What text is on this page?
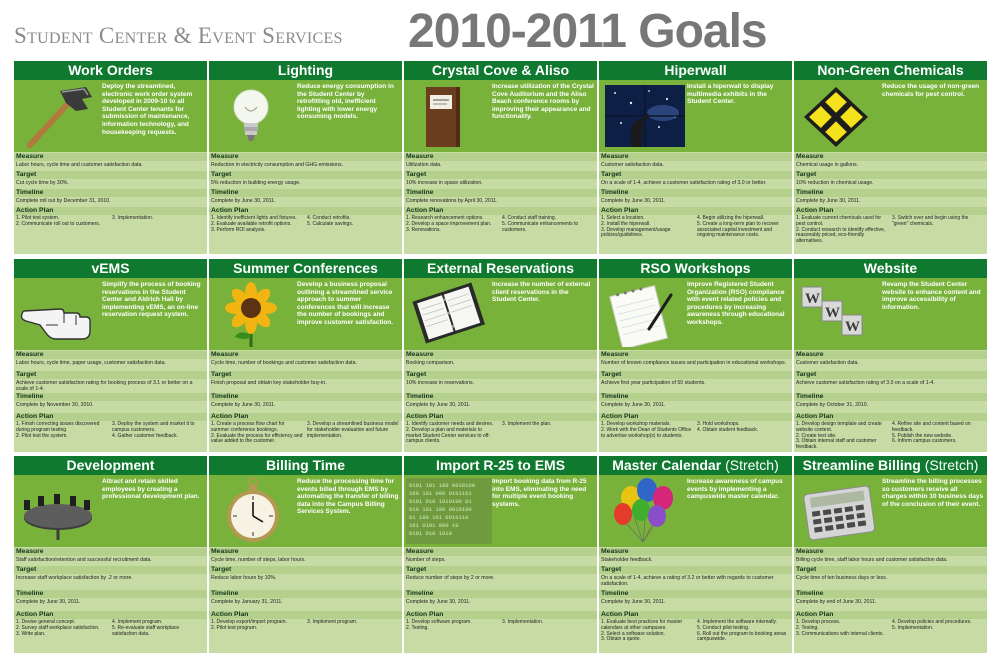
Student Center & Event Services 2010-2011 Goals
Work Orders
Deploy the streamlined, electronic work order system developed in 2009-10 to all Student Center tenants for submission of maintenance, information technology, and housekeeping requests.
Measure
Labor hours, cycle time and customer satisfaction data.
Target
Cut cycle time by 30%.
Timeline
Complete roll out by December 31, 2010.
Action Plan
1. Pilot test system.
2. Communicate roll out to customers.
3. Implementation.
Lighting
Reduce energy consumption in the Student Center by retrofitting old, inefficient lighting with lower energy consuming models.
Measure
Reduction in electricity consumption and GHG emissions.
Target
5% reduction in building energy usage.
Timeline
Complete by June 30, 2011.
Action Plan
1. Identify inefficient lights and fixtures.
2. Evaluate available retrofit options.
3. Perform ROI analysis.
4. Conduct retrofits.
5. Calculate savings.
Crystal Cove & Aliso
Increase utilization of the Crystal Cove Auditorium and the Aliso Beach conference rooms by improving their appearance and functionality.
Measure
Utilization data.
Target
10% increase in space utilization.
Timeline
Complete renovations by April 30, 2011.
Action Plan
1. Research enhancement options.
2. Develop a space improvement plan.
3. Renovations.
4. Conduct staff training.
5. Communicate enhancements to customers.
Hiperwall
Install a hiperwall to display multimedia exhibits in the Student Center.
Measure
Customer satisfaction data.
Target
On a scale of 1-4, achieve a customer satisfaction rating of 3.0 or better.
Timeline
Complete by June 30, 2011.
Action Plan
1. Select a location.
2. Install the hiperwall.
3. Develop management/usage policies/guidelines.
4. Begin utilizing the hiperwall.
5. Create a long-term plan to recover associated capital investment and ongoing maintenance costs.
Non-Green Chemicals
Reduce the usage of non-green chemicals for pest control.
Measure
Chemical usage in gallons.
Target
10% reduction in chemical usage.
Timeline
Complete by June 30, 2011.
Action Plan
1. Evaluate current chemicals used for pest control.
2. Conduct research to identify effective, reasonably priced, eco-friendly alternatives.
3. Switch over and begin using the "green" chemicals.
vEMS
Simplify the process of booking reservations in the Student Center and Aldrich Hall by implementing vEMS, an on-line reservation request system.
Measure
Labor hours, cycle time, paper usage, customer satisfaction data.
Target
Achieve customer satisfaction rating for booking process of 3.1 or better on a scale of 1-4.
Timeline
Complete by November 30, 2010.
Action Plan
1. Finish correcting issues discovered during program testing.
2. Pilot test the system.
3. Deploy the system and market it to campus customers.
4. Gather customer feedback.
Summer Conferences
Develop a business proposal outlining a streamlined service approach to summer conferences that will increase the number of bookings and improve customer satisfaction.
Measure
Cycle time, number of bookings and customer satisfaction data.
Target
Finish proposal and obtain key stakeholder buy-in.
Timeline
Complete by June 30, 2011.
Action Plan
1. Create a process flow chart for summer conference bookings.
2. Evaluate the process for efficiency and value added to the customer.
3. Develop a streamlined business model for stakeholder evaluation and future implementation.
External Reservations
Increase the number of external client reservations in the Student Center.
Measure
Booking comparison.
Target
10% increase in reservations.
Timeline
Complete by June 30, 2011.
Action Plan
1. Identify customer needs and desires.
2. Develop a plan and materials to market Student Center services to off-campus clients.
3. Implement the plan.
RSO Workshops
Improve Registered Student Organization (RSO) compliance with event related policies and procedures by increasing awareness through educational workshops.
Measure
Number of known compliance issues and participation in educational workshops.
Target
Achieve first year participation of 50 students.
Timeline
Complete by June 30, 2011.
Action Plan
1. Develop workshop materials.
2. Work with the Dean of Students Office to advertise workshop(s) to students.
3. Hold workshops.
4. Obtain student feedback.
Website
W
W
W
Revamp the Student Center website to enhance content and improve accessibility of information.
Measure
Customer satisfaction data.
Target
Achieve customer satisfaction rating of 3.0 on a scale of 1-4.
Timeline
Complete by October 31, 2010.
Action Plan
1. Develop design template and create website content.
2. Create test site.
3. Obtain internal staff and customer feedback.
4. Refine site and content based on feedback.
5. Publish the new website.
6. Inform campus customers.
Development
Attract and retain skilled employees by creating a professional development plan.
Measure
Staff satisfaction/retention and successful recruitment data.
Target
Increase staff workplace satisfaction by .2 or more.
Timeline
Complete by June 30, 2011.
Action Plan
1. Devise general concept.
2. Survey staff workplace satisfaction.
3. Write plan.
4. Implement program.
5. Re-evaluate staff workplace satisfaction data.
Billing Time
Reduce the processing time for events billed through EMS by automating the transfer of billing data into the Campus Billing Services System.
Measure
Cycle time, number of steps, labor hours.
Target
Reduce labor hours by 10%.
Timeline
Complete by January 31, 2011.
Action Plan
1. Develop export/import program.
2. Pilot test program.
3. Implement program.
Import R-25 to EMS
0101 101 100 0010100
100 101 000 0101101
0101 010 1010100 01
010 101 100 0010100
01 100 101 0010110
101 0101 000 10
0101 010 1010
Import booking data from R-25 into EMS, eliminating the need for multiple event booking systems.
Measure
Number of steps.
Target
Reduce number of steps by 2 or more.
Timeline
Complete by June 30, 2011.
Action Plan
1. Develop software program.
2. Testing.
3. Implementation.
Master Calendar (Stretch)
Increase awareness of campus events by implementing a campuswide master calendar.
Measure
Stakeholder feedback.
Target
On a scale of 1-4, achieve a rating of 3.2 or better with regards to customer satisfaction.
Timeline
Complete by June 30, 2011.
Action Plan
1. Evaluate best practices for master calendars at other campuses.
2. Select a software solution.
3. Obtain a quote.
4. Implement the software internally.
5. Conduct pilot testing.
6. Roll out the program to booking areas campuswide.
Streamline Billing (Stretch)
Streamline the billing processes so customers receive all charges within 10 business days of the conclusion of their event.
Measure
Billing cycle time, staff labor hours and customer satisfaction data.
Target
Cycle time of ten business days or less.
Timeline
Complete by end of June 30, 2011.
Action Plan
1. Develop process.
2. Testing.
3. Communications with internal clients.
4. Develop policies and procedures.
5. Implementation.
